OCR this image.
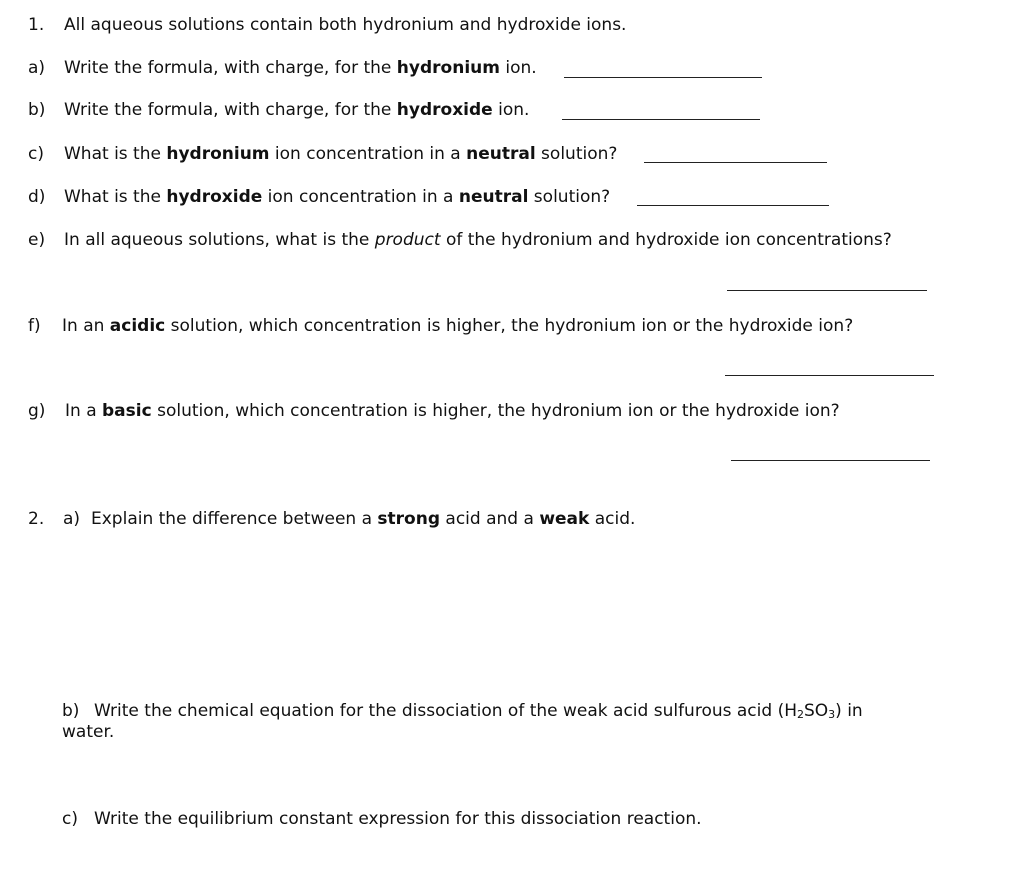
1. All aqueous solutions contain both hydronium and hydroxide ions.
a) Write the formula, with charge, for the hydronium ion.
b) Write the formula, with charge, for the hydroxide ion.
c) What is the hydronium ion concentration in a neutral solution?
d) What is the hydroxide ion concentration in a neutral solution?
e) In all aqueous solutions, what is the product of the hydronium and hydroxide ion concentrations?
f) In an acidic solution, which concentration is higher, the hydronium ion or the hydroxide ion?
g) In a basic solution, which concentration is higher, the hydronium ion or the hydroxide ion?
2. a) Explain the difference between a strong acid and a weak acid.
b) Write the chemical equation for the dissociation of the weak acid sulfurous acid $(H_2SO_3)$ in
water.
c) Write the equilibrium constant expression for this dissociation reaction.
